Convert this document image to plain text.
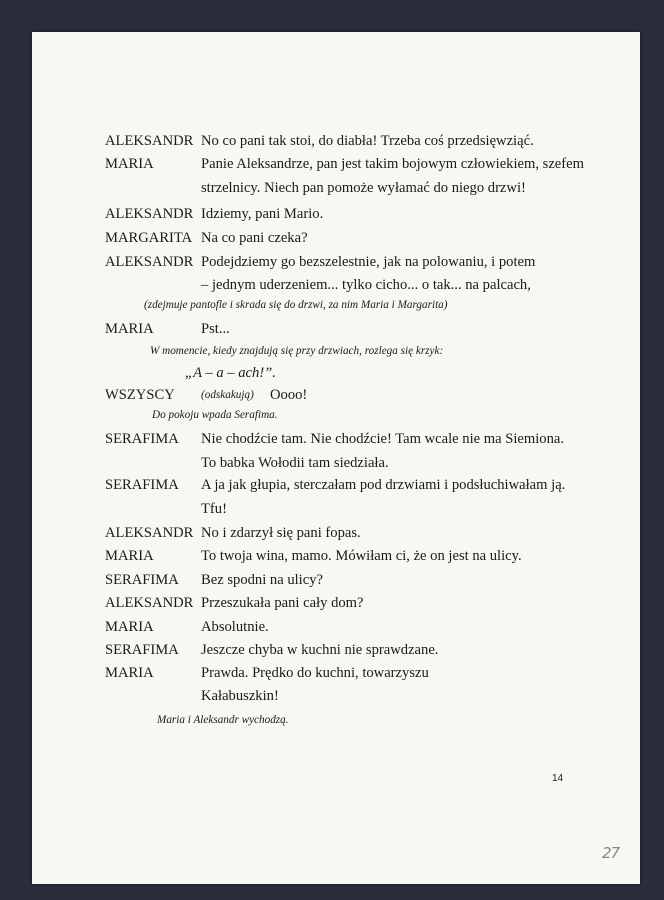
ALEKSANDR No co pani tak stoi, do diabła! Trzeba coś przedsięwziąć.
MARIA	Panie Aleksandrze, pan jest takim bojowym człowiekiem, szefem
strzelnicy. Niech pan pomoże wyłamać do niego drzwi!
ALEKSANDR Idziemy, pani Mario.
MARGARITA Na co pani czeka?
ALEKSANDR Podejdziemy go bezszelestnie, jak na polowaniu, i potem
– jednym uderzeniem... tylko cicho... o tak... na palcach,
(zdejmuje pantofle i skrada się do drzwi, za nim Maria i Margarita)
MARIA	Pst...
W momencie, kiedy znajdują się przy drzwiach, rozlega się krzyk:
„A – a – ach!”.
WSZYSCY (odskakują) Oooo!
Do pokoju wpada Serafima.
SERAFIMA Nie chodźcie tam. Nie chodźcie! Tam wcale nie ma Siemiona.
To babka Wołodii tam siedziała.
SERAFIMA A ja jak głupia, sterczałam pod drzwiami i podsłuchiwałam ją.
Tfu!
ALEKSANDR No i zdarzył się pani fopas.
MARIA	To twoja wina, mamo. Mówiłam ci, że on jest na ulicy.
SERAFIMA Bez spodni na ulicy?
ALEKSANDR Przeszukała pani cały dom?
MARIA	Absolutnie.
SERAFIMA Jeszcze chyba w kuchni nie sprawdzane.
MARIA	Prawda. Prędko do kuchni, towarzyszu
Kałabuszkin!
Maria i Aleksandr wychodzą.
14
27
